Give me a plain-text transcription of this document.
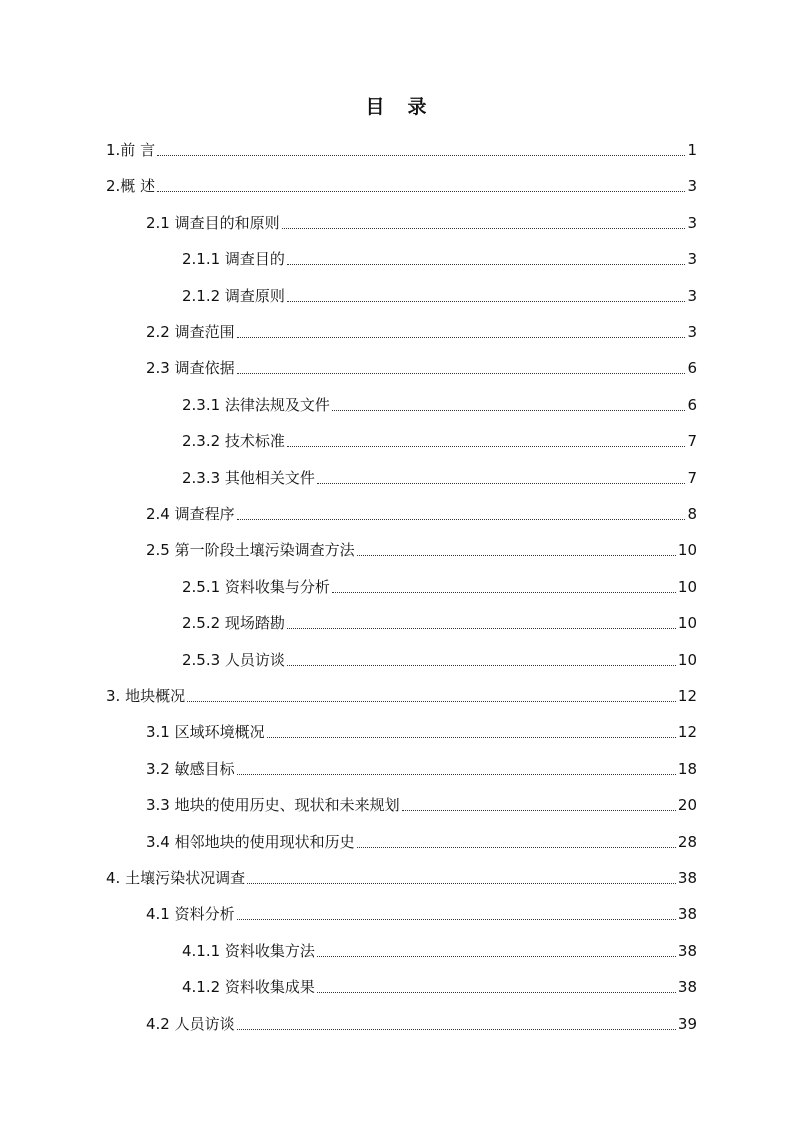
目 录
1.前 言	1
2.概 述	3
2.1 调查目的和原则	3
2.1.1 调查目的	3
2.1.2 调查原则	3
2.2 调查范围	3
2.3 调查依据	6
2.3.1 法律法规及文件	6
2.3.2 技术标准	7
2.3.3 其他相关文件	7
2.4 调查程序	8
2.5 第一阶段土壤污染调查方法	10
2.5.1 资料收集与分析	10
2.5.2 现场踏勘	10
2.5.3 人员访谈	10
3. 地块概况	12
3.1 区域环境概况	12
3.2 敏感目标	18
3.3 地块的使用历史、现状和未来规划	20
3.4 相邻地块的使用现状和历史	28
4. 土壤污染状况调查	38
4.1 资料分析	38
4.1.1 资料收集方法	38
4.1.2 资料收集成果	38
4.2 人员访谈	39
